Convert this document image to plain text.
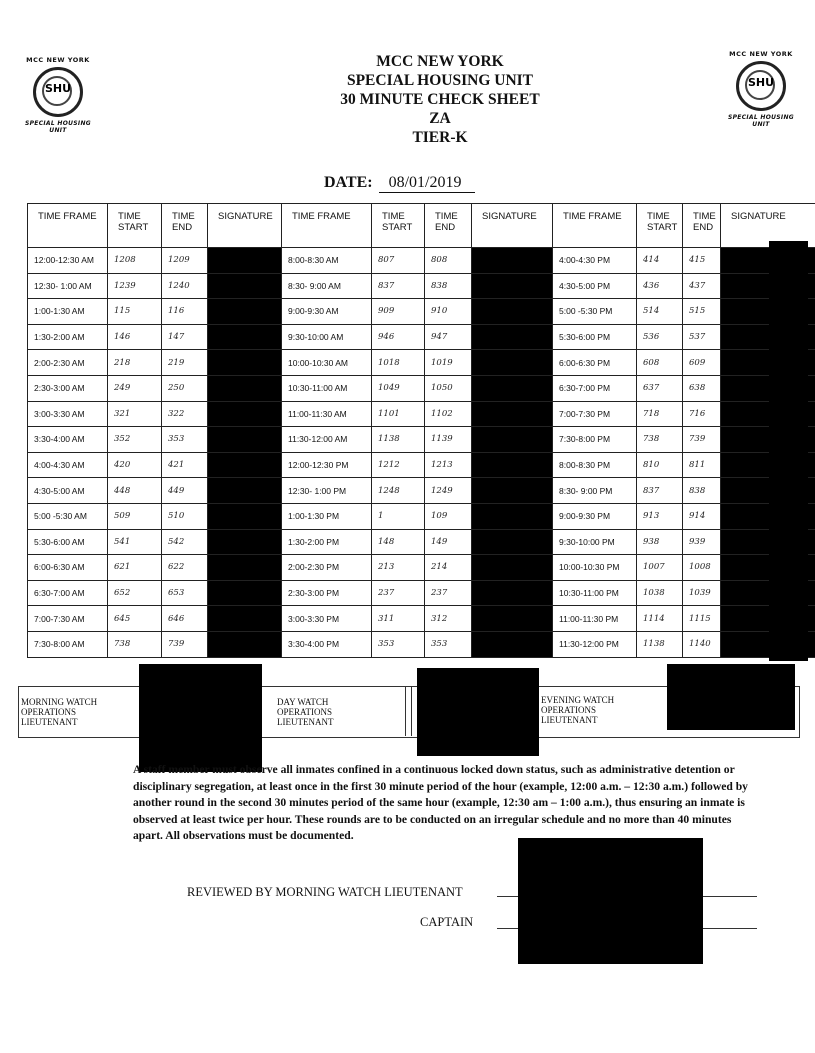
MCC NEW YORK
SHU
SPECIAL HOUSING UNIT
MCC NEW YORK
SHU
SPECIAL HOUSING UNIT
MCC NEW YORK
SPECIAL HOUSING UNIT
30 MINUTE CHECK SHEET
ZA
TIER-K
DATE: 08/01/2019
TIME FRAME	TIME START	TIME END	SIGNATURE	TIME FRAME	TIME START	TIME END	SIGNATURE	TIME FRAME	TIME START	TIME END	SIGNATURE
12:00-12:30 AM	1208	1209		8:00-8:30 AM	807	808		4:00-4:30 PM	414	415	
12:30- 1:00 AM	1239	1240		8:30- 9:00 AM	837	838		4:30-5:00 PM	436	437	
1:00-1:30 AM	115	116		9:00-9:30 AM	909	910		5:00 -5:30 PM	514	515	
1:30-2:00 AM	146	147		9:30-10:00 AM	946	947		5:30-6:00 PM	536	537	
2:00-2:30 AM	218	219		10:00-10:30 AM	1018	1019		6:00-6:30 PM	608	609	
2:30-3:00 AM	249	250		10:30-11:00 AM	1049	1050		6:30-7:00 PM	637	638	
3:00-3:30 AM	321	322		11:00-11:30 AM	1101	1102		7:00-7:30 PM	718	716	
3:30-4:00 AM	352	353		11:30-12:00 AM	1138	1139		7:30-8:00 PM	738	739	
4:00-4:30 AM	420	421		12:00-12:30 PM	1212	1213		8:00-8:30 PM	810	811	
4:30-5:00 AM	448	449		12:30- 1:00 PM	1248	1249		8:30- 9:00 PM	837	838	
5:00 -5:30 AM	509	510		1:00-1:30 PM	1	109		9:00-9:30 PM	913	914	
5:30-6:00 AM	541	542		1:30-2:00 PM	148	149		9:30-10:00 PM	938	939	
6:00-6:30 AM	621	622		2:00-2:30 PM	213	214		10:00-10:30 PM	1007	1008	
6:30-7:00 AM	652	653		2:30-3:00 PM	237	237		10:30-11:00 PM	1038	1039	
7:00-7:30 AM	645	646		3:00-3:30 PM	311	312		11:00-11:30 PM	1114	1115	
7:30-8:00 AM	738	739		3:30-4:00 PM	353	353		11:30-12:00 PM	1138	1140	
MORNING WATCH OPERATIONS LIEUTENANT
DAY WATCH OPERATIONS LIEUTENANT
EVENING WATCH OPERATIONS LIEUTENANT
A staff member must observe all inmates confined in a continuous locked down status, such as administrative detention or disciplinary segregation, at least once in the first 30 minute period of the hour (example, 12:00 a.m. – 12:30 a.m.) followed by another round in the second 30 minutes period of the same hour (example, 12:30 am – 1:00 a.m.), thus ensuring an inmate is observed at least twice per hour. These rounds are to be conducted on an irregular schedule and no more than 40 minutes apart. All observations must be documented.
REVIEWED BY MORNING WATCH LIEUTENANT
CAPTAIN
